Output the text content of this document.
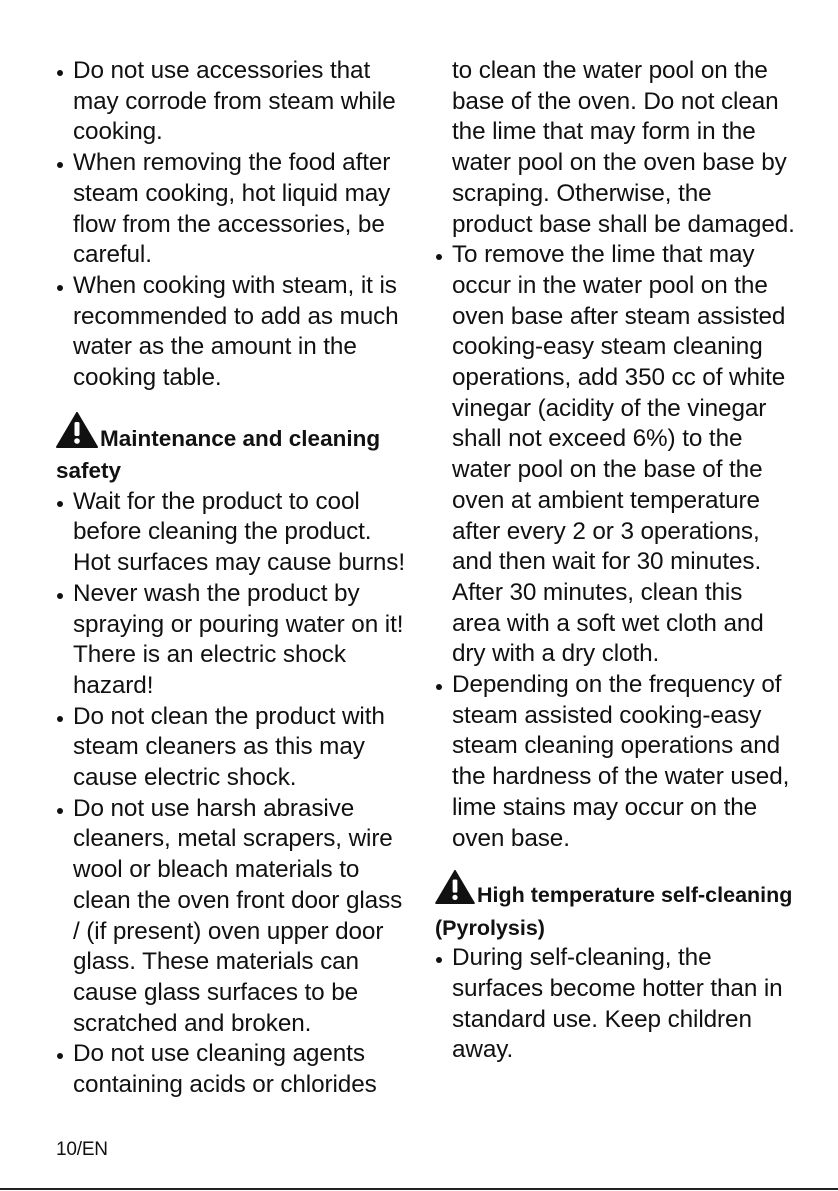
Do not use accessories that may corrode from steam while cooking.
When removing the food after steam cooking, hot liquid may flow from the accessories, be careful.
When cooking with steam, it is recommended to add as much water as the amount in the cooking table.
Maintenance and cleaning safety
Wait for the product to cool before cleaning the product. Hot surfaces may cause burns!
Never wash the product by spraying or pouring water on it! There is an electric shock hazard!
Do not clean the product with steam cleaners as this may cause electric shock.
Do not use harsh abrasive cleaners, metal scrapers, wire wool or bleach materials to clean the oven front door glass / (if present) oven upper door glass. These materials can cause glass surfaces to be scratched and broken.
Do not use cleaning agents containing acids or chlorides
to clean the water pool on the base of the oven. Do not clean the lime that may form in the water pool on the oven base by scraping. Otherwise, the product base shall be damaged.
To remove the lime that may occur in the water pool on the oven base after steam assisted cooking-easy steam cleaning operations, add 350 cc of white vinegar (acidity of the vinegar shall not exceed 6%) to the water pool on the base of the oven at ambient temperature after every 2 or 3 operations, and then wait for 30 minutes. After 30 minutes, clean this area with a soft wet cloth and dry with a dry cloth.
Depending on the frequency of steam assisted cooking-easy steam cleaning operations and the hardness of the water used, lime stains may occur on the oven base.
High temperature self-cleaning (Pyrolysis)
During self-cleaning, the surfaces become hotter than in standard use. Keep children away.
10/EN
